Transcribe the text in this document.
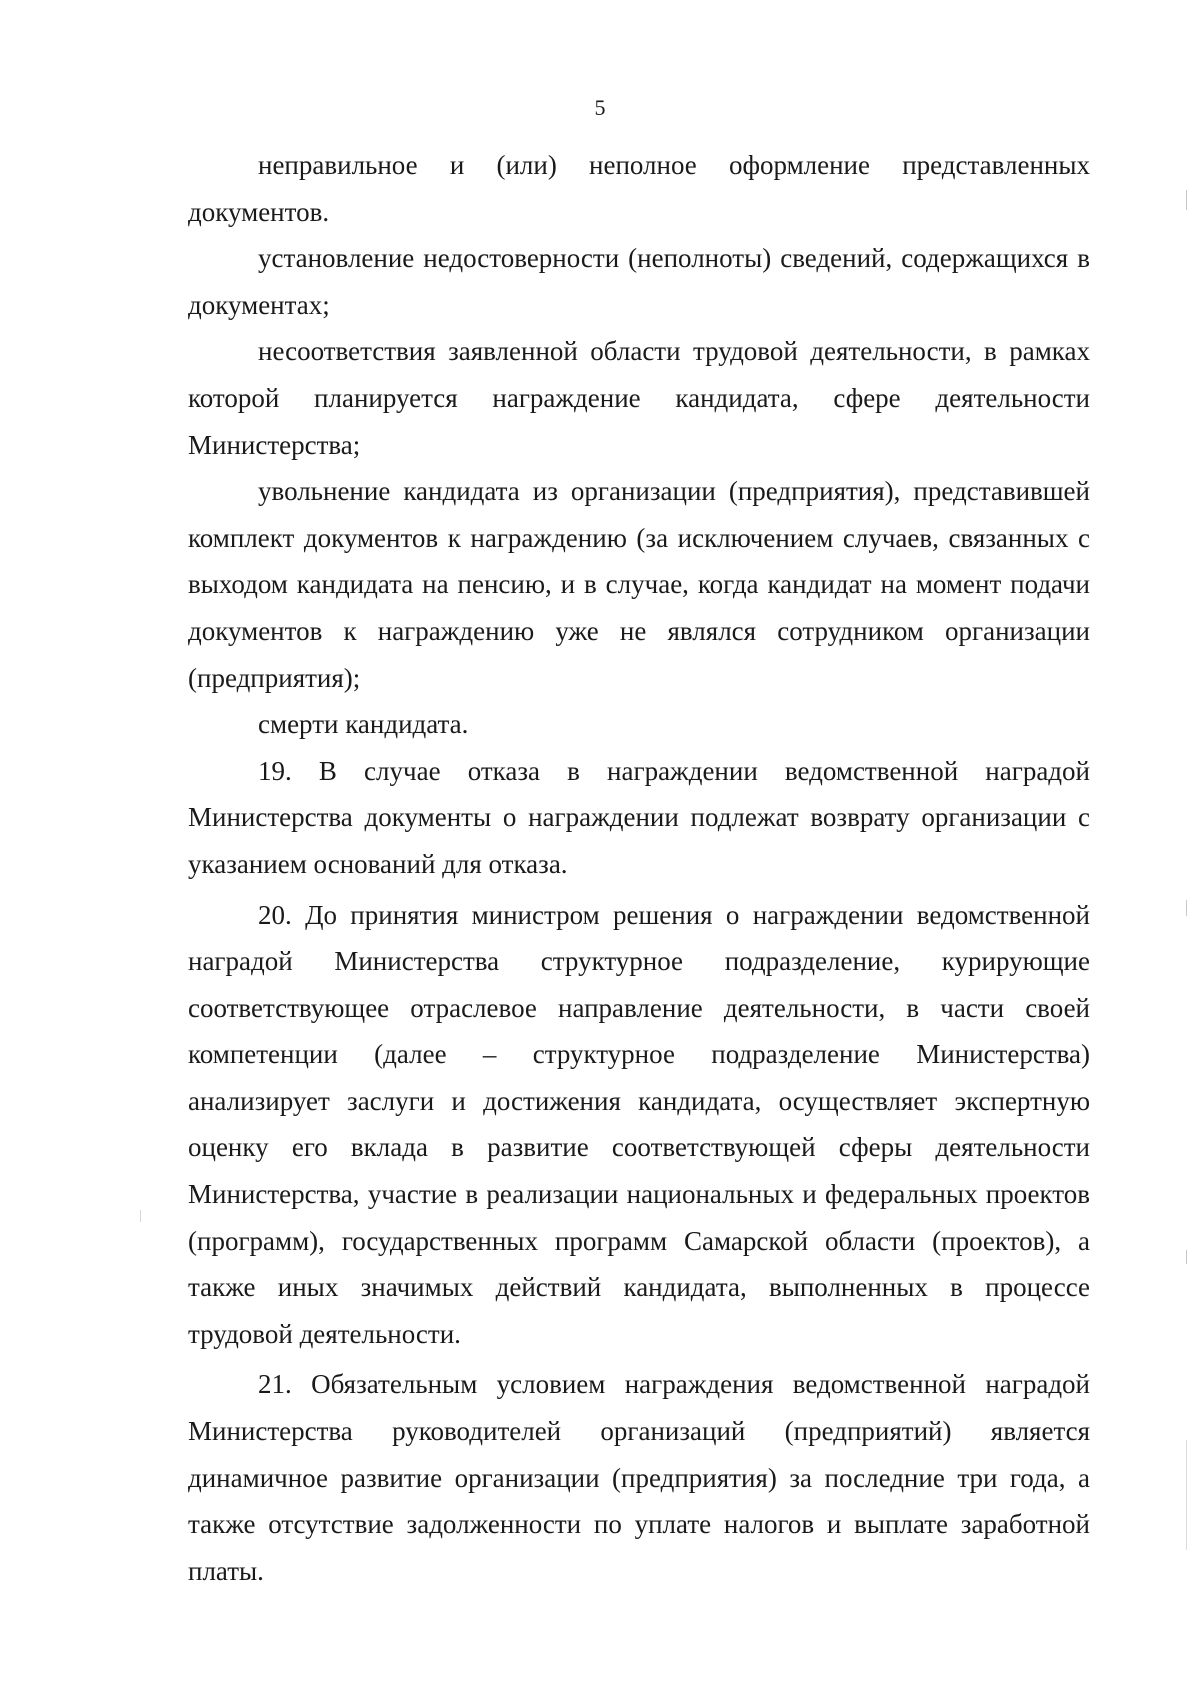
5

неправильное и (или) неполное оформление представленных документов.

установление недостоверности (неполноты) сведений, содержащихся в документах;

несоответствия заявленной области трудовой деятельности, в рамках которой планируется награждение кандидата, сфере деятельности Министерства;

увольнение кандидата из организации (предприятия), представившей комплект документов к награждению (за исключением случаев, связанных с выходом кандидата на пенсию, и в случае, когда кандидат на момент подачи документов к награждению уже не являлся сотрудником организации (предприятия);

смерти кандидата.

19. В случае отказа в награждении ведомственной наградой Министерства документы о награждении подлежат возврату организации с указанием оснований для отказа.

20. До принятия министром решения о награждении ведомственной наградой Министерства структурное подразделение, курирующие соответствующее отраслевое направление деятельности, в части своей компетенции (далее – структурное подразделение Министерства) анализирует заслуги и достижения кандидата, осуществляет экспертную оценку его вклада в развитие соответствующей сферы деятельности Министерства, участие в реализации национальных и федеральных проектов (программ), государственных программ Самарской области (проектов), а также иных значимых действий кандидата, выполненных в процессе трудовой деятельности.

21. Обязательным условием награждения ведомственной наградой Министерства руководителей организаций (предприятий) является динамичное развитие организации (предприятия) за последние три года, а также отсутствие задолженности по уплате налогов и выплате заработной платы.
